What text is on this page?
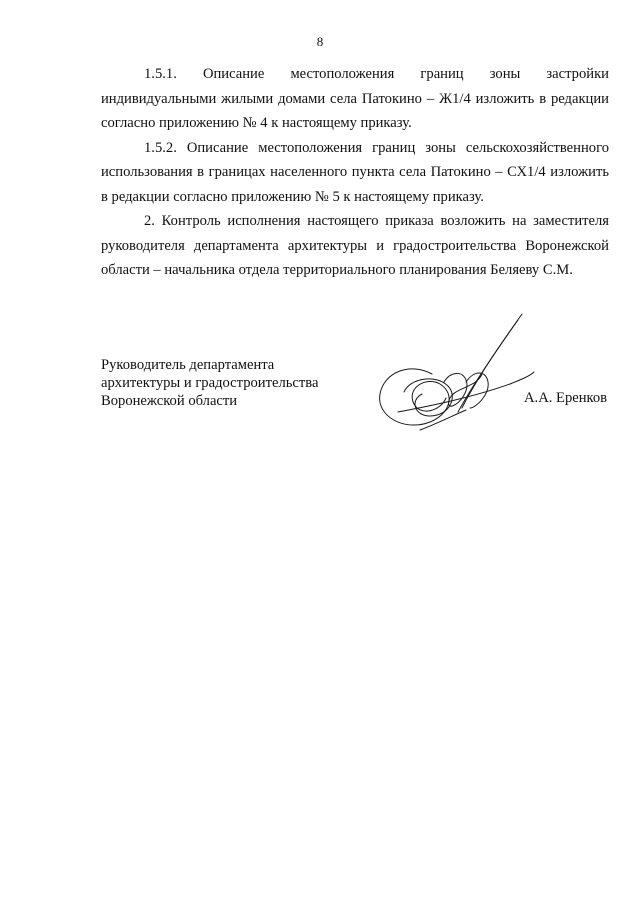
8

1.5.1. Описание местоположения границ зоны застройки индивидуальными жилыми домами села Патокино – Ж1/4 изложить в редакции согласно приложению № 4 к настоящему приказу.

1.5.2. Описание местоположения границ зоны сельскохозяйственного использования в границах населенного пункта села Патокино – СХ1/4 изложить в редакции согласно приложению № 5 к настоящему приказу.

2. Контроль исполнения настоящего приказа возложить на заместителя руководителя департамента архитектуры и градостроительства Воронежской области – начальника отдела территориального планирования Беляеву С.М.

Руководитель департамента
архитектуры и градостроительства
Воронежской области	А.А. Еренков
